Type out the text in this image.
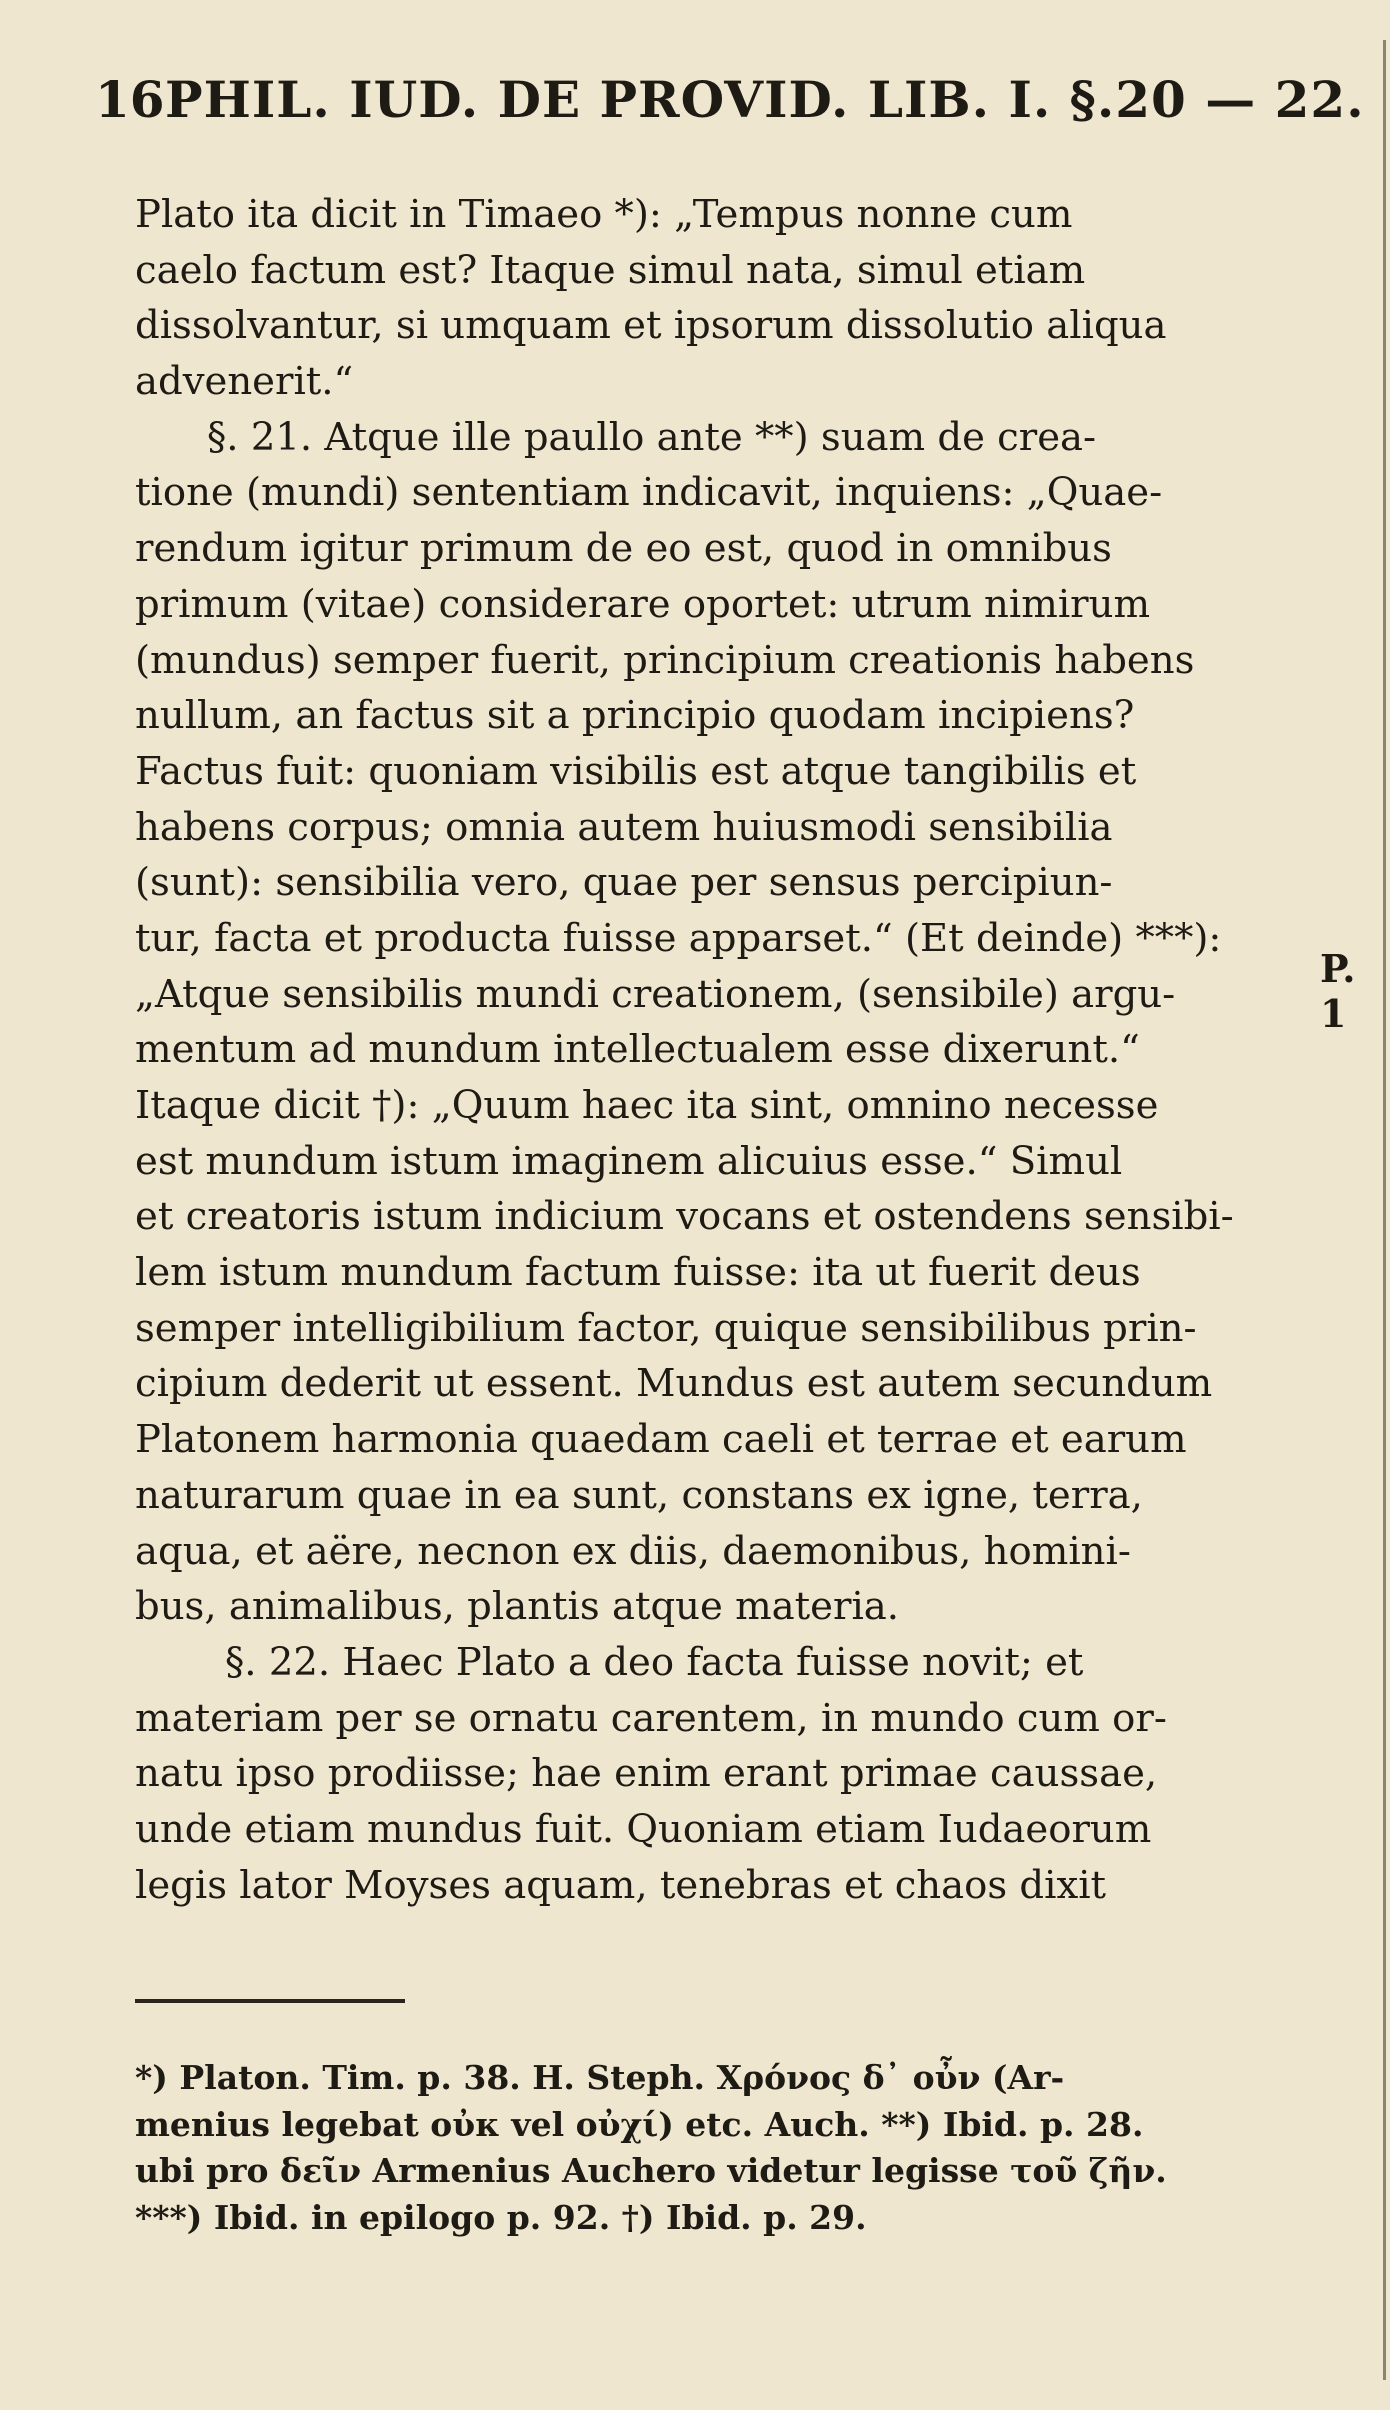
16 PHIL. IUD. DE PROVID. LIB. I. §.20 — 22.
Plato ita dicit in Timaeo *): „Tempus nonne cum
caelo factum est? Itaque simul nata, simul etiam
dissolvantur, si umquam et ipsorum dissolutio aliqua
advenerit.“
§. 21. Atque ille paullo ante **) suam de crea-
tione (mundi) sententiam indicavit, inquiens: „Quae-
rendum igitur primum de eo est, quod in omnibus
primum (vitae) considerare oportet: utrum nimirum
(mundus) semper fuerit, principium creationis habens
nullum, an factus sit a principio quodam incipiens?
Factus fuit: quoniam visibilis est atque tangibilis et
habens corpus; omnia autem huiusmodi sensibilia
(sunt): sensibilia vero, quae per sensus percipiun-
tur, facta et producta fuisse apparset.“ (Et deinde) ***):
„Atque sensibilis mundi creationem, (sensibile) argu-
mentum ad mundum intellectualem esse dixerunt.“
Itaque dicit †): „Quum haec ita sint, omnino necesse
est mundum istum imaginem alicuius esse.“ Simul
et creatoris istum indicium vocans et ostendens sensibi-
lem istum mundum factum fuisse: ita ut fuerit deus
semper intelligibilium factor, quique sensibilibus prin-
cipium dederit ut essent. Mundus est autem secundum
Platonem harmonia quaedam caeli et terrae et earum
naturarum quae in ea sunt, constans ex igne, terra,
aqua, et aëre, necnon ex diis, daemonibus, homini-
bus, animalibus, plantis atque materia.
§. 22. Haec Plato a deo facta fuisse novit; et
materiam per se ornatu carentem, in mundo cum or-
natu ipso prodiisse; hae enim erant primae caussae,
unde etiam mundus fuit. Quoniam etiam Iudaeorum
legis lator Moyses aquam, tenebras et chaos dixit
P. 1
*) Platon. Tim. p. 38. H. Steph. Χρόνος δ᾽ οὖν (Ar-
menius legebat οὐκ vel οὐχί) etc. Auch. **) Ibid. p. 28.
ubi pro δεῖν Armenius Auchero videtur legisse τοῦ ζῆν.
***) Ibid. in epilogo p. 92. †) Ibid. p. 29.
